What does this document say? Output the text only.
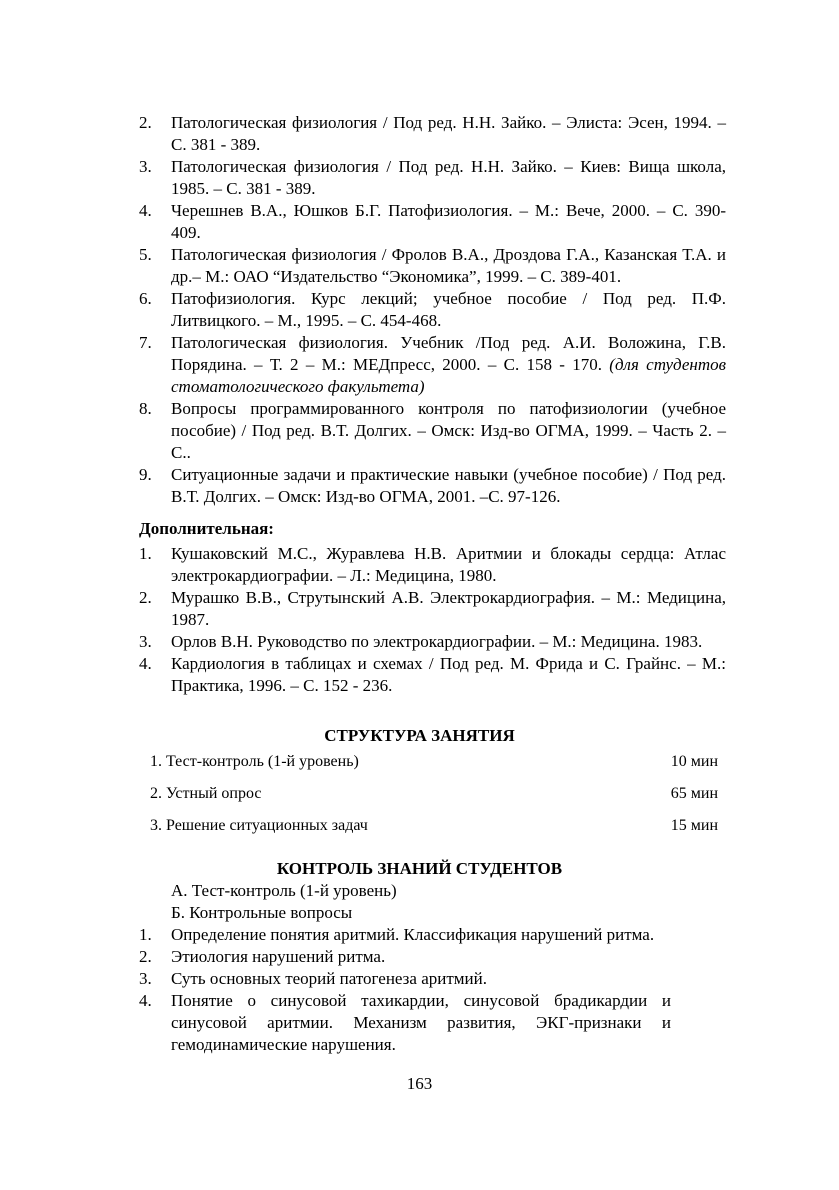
2. Патологическая физиология / Под ред. Н.Н. Зайко. – Элиста: Эсен, 1994. – С. 381 - 389.
3. Патологическая физиология / Под ред. Н.Н. Зайко. – Киев: Вища школа, 1985. – С. 381 - 389.
4. Черешнев В.А., Юшков Б.Г. Патофизиология. – М.: Вече, 2000. – С. 390-409.
5. Патологическая физиология / Фролов В.А., Дроздова Г.А., Казанская Т.А. и др.– М.: ОАО “Издательство “Экономика”, 1999. – С. 389-401.
6. Патофизиология. Курс лекций; учебное пособие / Под ред. П.Ф. Литвицкого. – М., 1995. – С. 454-468.
7. Патологическая физиология. Учебник /Под ред. А.И. Воложина, Г.В. Порядина. – Т. 2 – М.: МЕДпресс, 2000. – С. 158 - 170. (для студентов стоматологического факультета)
8. Вопросы программированного контроля по патофизиологии (учебное пособие) / Под ред. В.Т. Долгих. – Омск: Изд-во ОГМА, 1999. – Часть 2. – С..
9. Ситуационные задачи и практические навыки (учебное пособие) / Под ред. В.Т. Долгих. – Омск: Изд-во ОГМА, 2001. –С. 97-126.
Дополнительная:
1. Кушаковский М.С., Журавлева Н.В. Аритмии и блокады сердца: Атлас электрокардиографии. – Л.: Медицина, 1980.
2. Мурашко В.В., Струтынский А.В. Электрокардиография. – М.: Медицина, 1987.
3. Орлов В.Н. Руководство по электрокардиографии. – М.: Медицина. 1983.
4. Кардиология в таблицах и схемах / Под ред. М. Фрида и С. Грайнс. – М.: Практика, 1996. – С. 152 - 236.
СТРУКТУРА ЗАНЯТИЯ
1. Тест-контроль (1-й уровень)	10 мин
2. Устный опрос	65 мин
3. Решение ситуационных задач	15 мин
КОНТРОЛЬ ЗНАНИЙ СТУДЕНТОВ
А. Тест-контроль (1-й уровень)
Б. Контрольные вопросы
1. Определение понятия аритмий. Классификация нарушений ритма.
2. Этиология нарушений ритма.
3. Суть основных теорий патогенеза аритмий.
4. Понятие о синусовой тахикардии, синусовой брадикардии и синусовой аритмии. Механизм развития, ЭКГ-признаки и гемодинамические нарушения.
163
